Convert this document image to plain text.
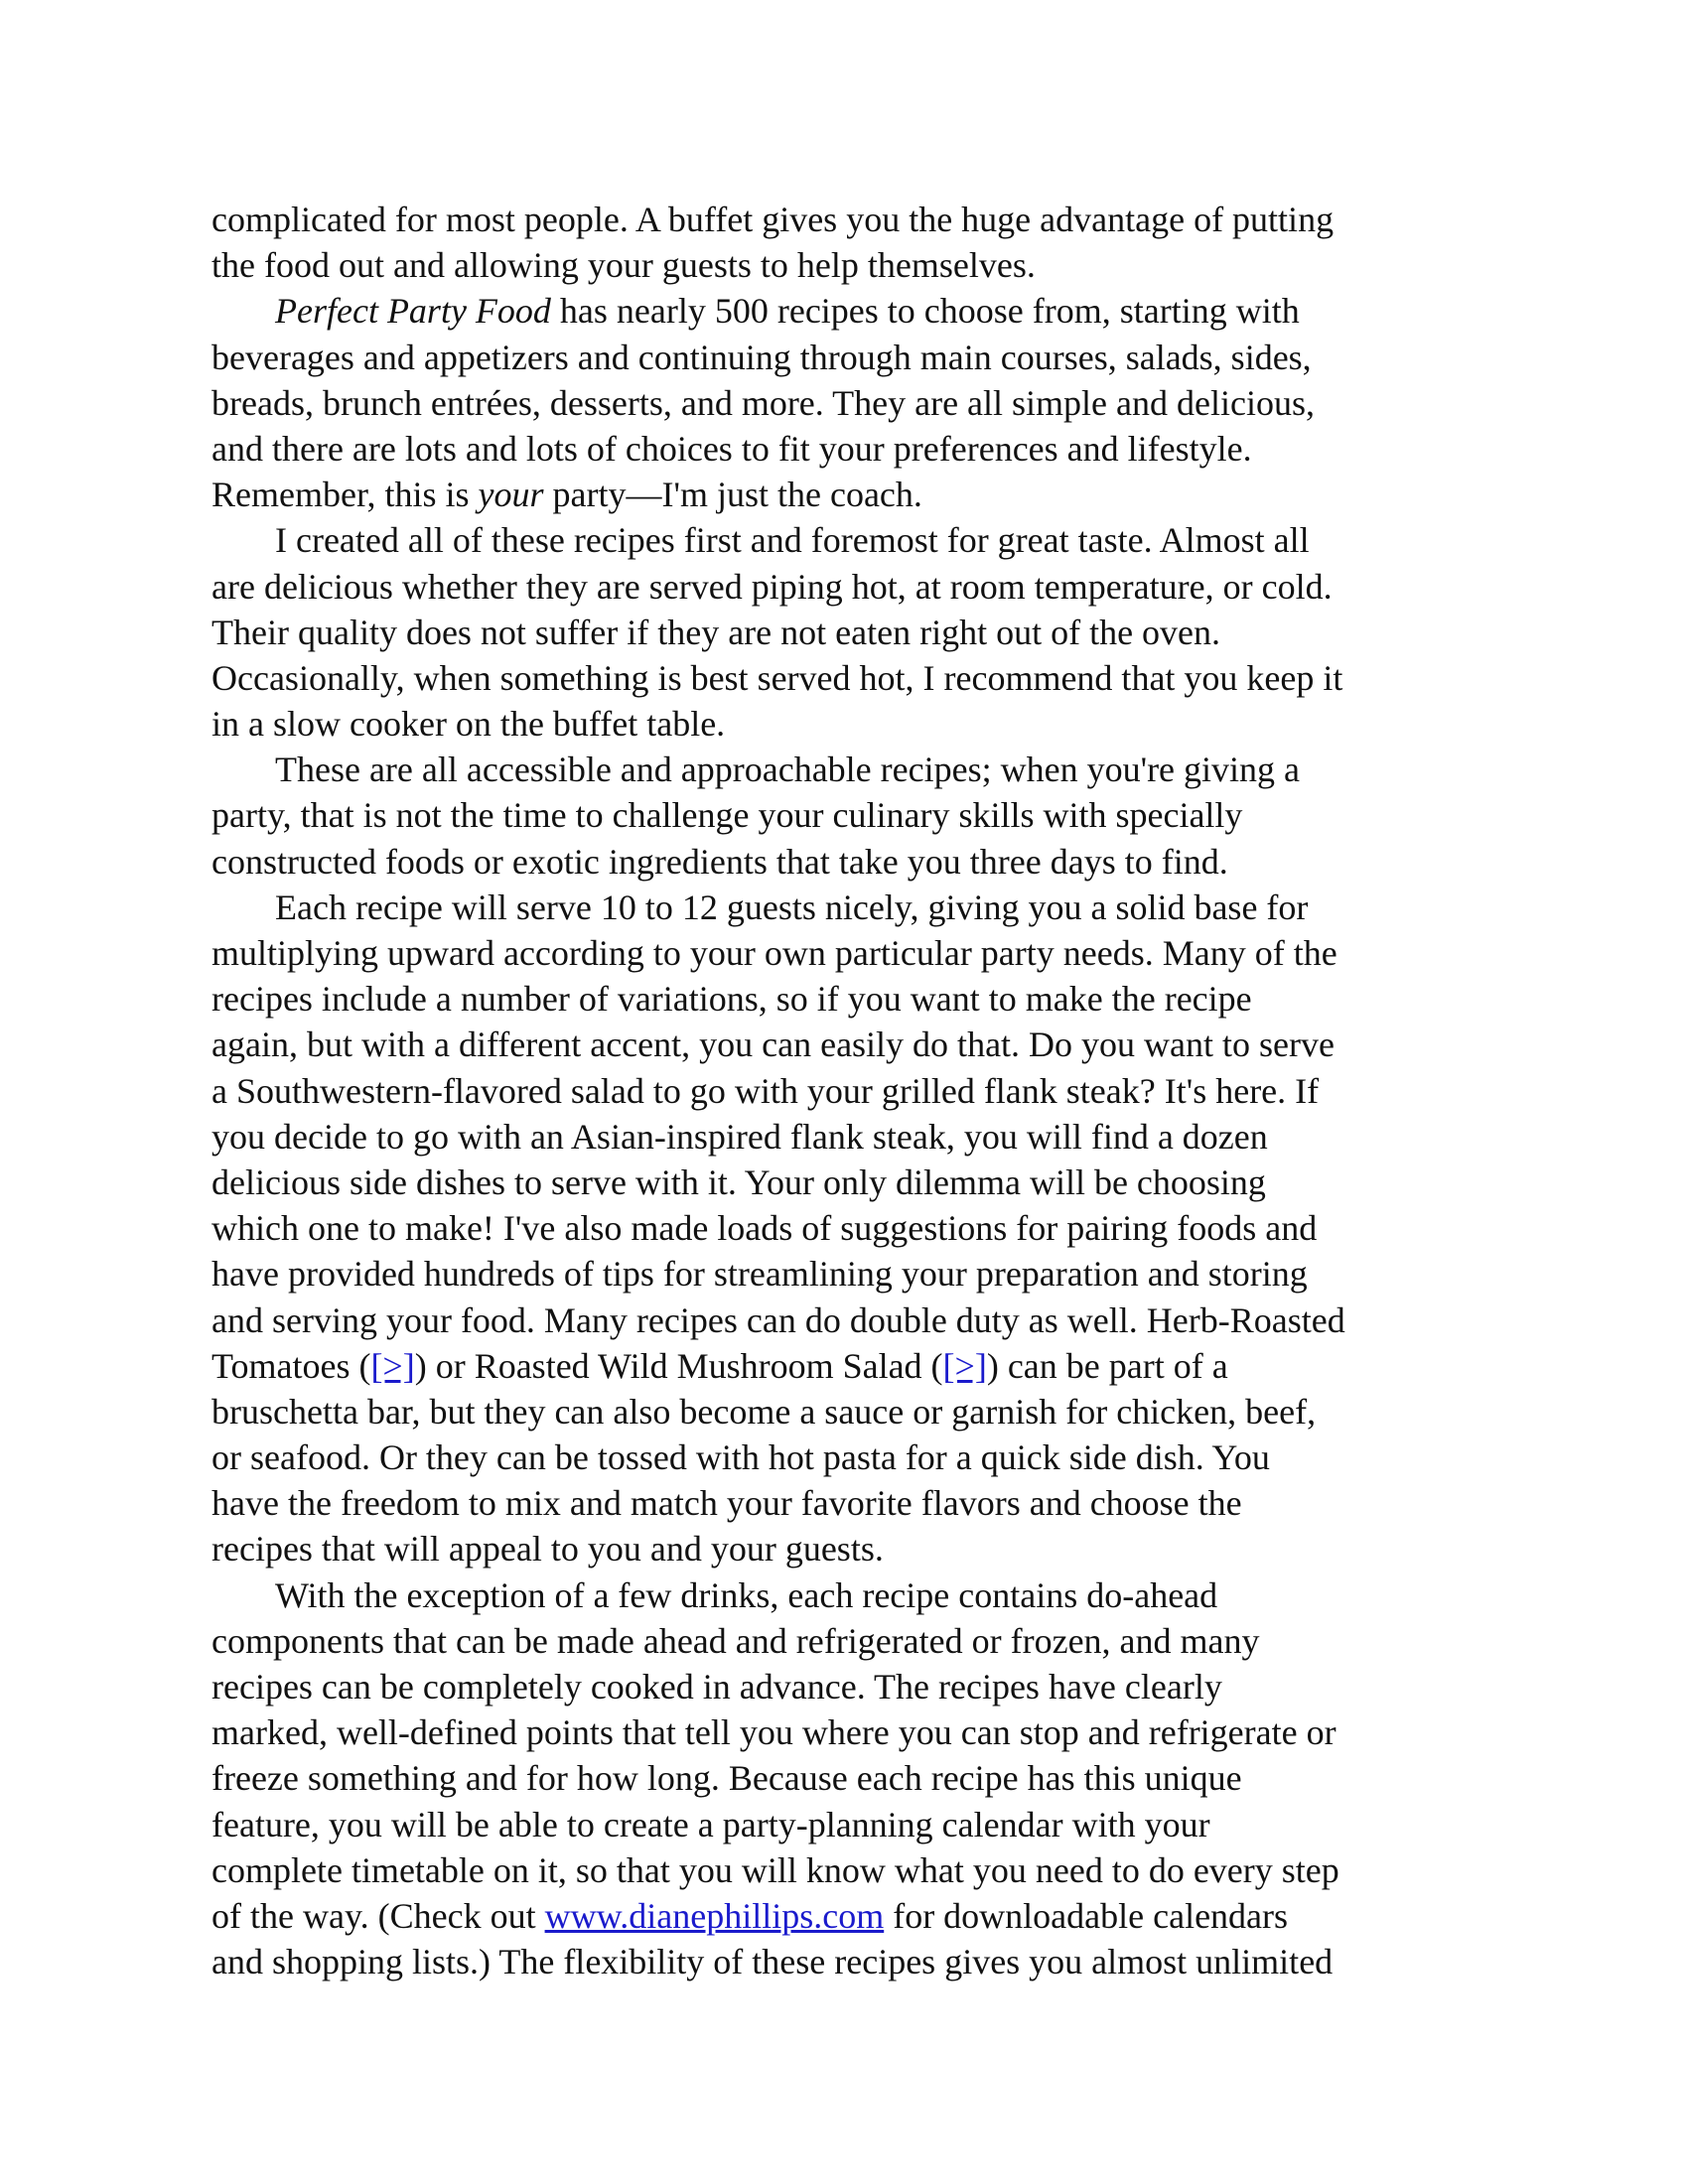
complicated for most people. A buffet gives you the huge advantage of putting
the food out and allowing your guests to help themselves.
Perfect Party Food has nearly 500 recipes to choose from, starting with
beverages and appetizers and continuing through main courses, salads, sides,
breads, brunch entrées, desserts, and more. They are all simple and delicious,
and there are lots and lots of choices to fit your preferences and lifestyle.
Remember, this is your party—I'm just the coach.
I created all of these recipes first and foremost for great taste. Almost all
are delicious whether they are served piping hot, at room temperature, or cold.
Their quality does not suffer if they are not eaten right out of the oven.
Occasionally, when something is best served hot, I recommend that you keep it
in a slow cooker on the buffet table.
These are all accessible and approachable recipes; when you're giving a
party, that is not the time to challenge your culinary skills with specially
constructed foods or exotic ingredients that take you three days to find.
Each recipe will serve 10 to 12 guests nicely, giving you a solid base for
multiplying upward according to your own particular party needs. Many of the
recipes include a number of variations, so if you want to make the recipe
again, but with a different accent, you can easily do that. Do you want to serve
a Southwestern-flavored salad to go with your grilled flank steak? It's here. If
you decide to go with an Asian-inspired flank steak, you will find a dozen
delicious side dishes to serve with it. Your only dilemma will be choosing
which one to make! I've also made loads of suggestions for pairing foods and
have provided hundreds of tips for streamlining your preparation and storing
and serving your food. Many recipes can do double duty as well. Herb-Roasted
Tomatoes ([>]) or Roasted Wild Mushroom Salad ([>]) can be part of a
bruschetta bar, but they can also become a sauce or garnish for chicken, beef,
or seafood. Or they can be tossed with hot pasta for a quick side dish. You
have the freedom to mix and match your favorite flavors and choose the
recipes that will appeal to you and your guests.
With the exception of a few drinks, each recipe contains do-ahead
components that can be made ahead and refrigerated or frozen, and many
recipes can be completely cooked in advance. The recipes have clearly
marked, well-defined points that tell you where you can stop and refrigerate or
freeze something and for how long. Because each recipe has this unique
feature, you will be able to create a party-planning calendar with your
complete timetable on it, so that you will know what you need to do every step
of the way. (Check out www.dianephillips.com for downloadable calendars
and shopping lists.) The flexibility of these recipes gives you almost unlimited
